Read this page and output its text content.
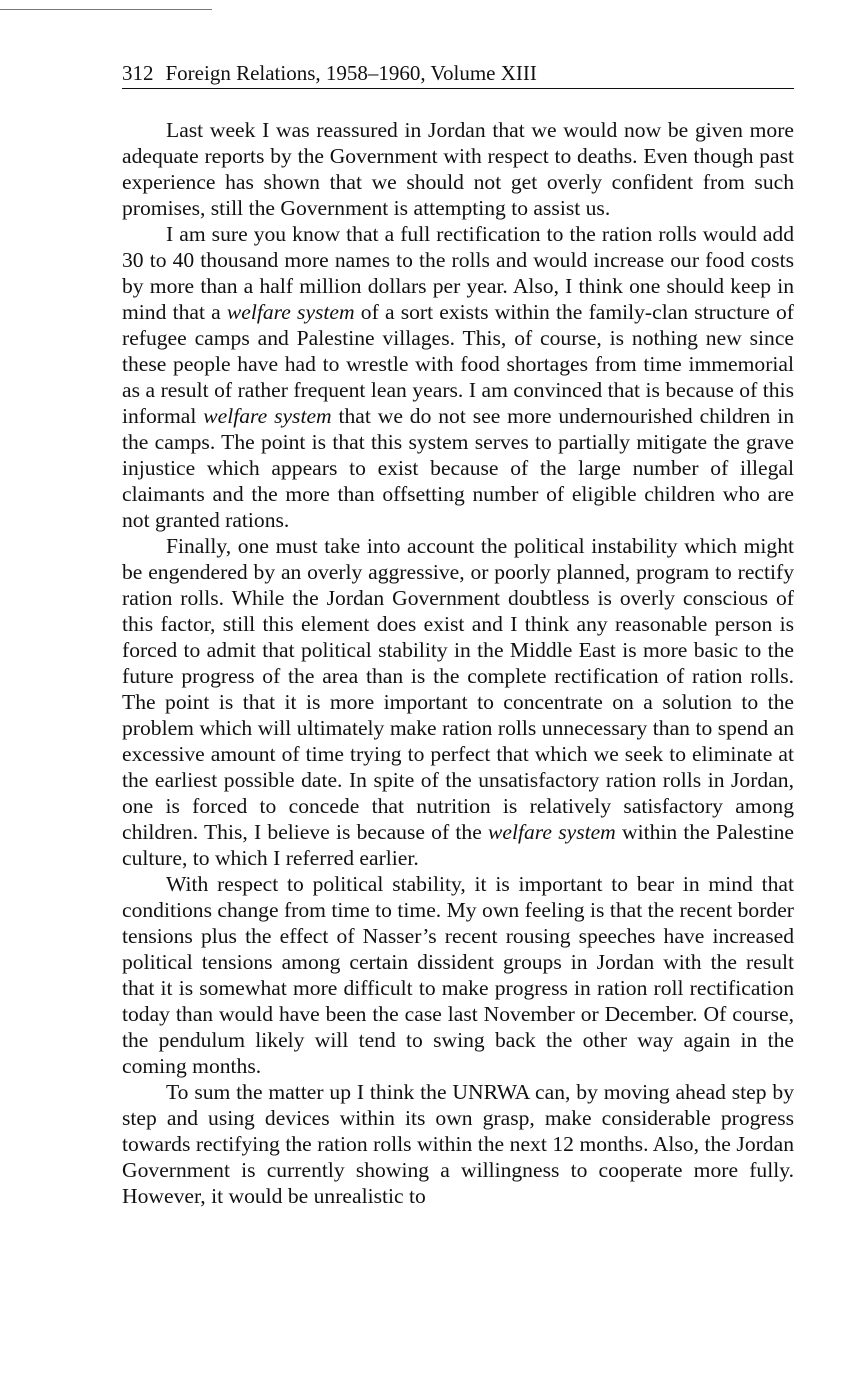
312 Foreign Relations, 1958–1960, Volume XIII

Last week I was reassured in Jordan that we would now be given more adequate reports by the Government with respect to deaths. Even though past experience has shown that we should not get overly confident from such promises, still the Government is attempting to assist us.

I am sure you know that a full rectification to the ration rolls would add 30 to 40 thousand more names to the rolls and would increase our food costs by more than a half million dollars per year. Also, I think one should keep in mind that a welfare system of a sort exists within the family-clan structure of refugee camps and Palestine villages. This, of course, is nothing new since these people have had to wrestle with food shortages from time immemorial as a result of rather frequent lean years. I am convinced that is because of this informal welfare system that we do not see more undernourished children in the camps. The point is that this system serves to partially mitigate the grave injustice which appears to exist because of the large number of illegal claimants and the more than offsetting number of eligible children who are not granted rations.

Finally, one must take into account the political instability which might be engendered by an overly aggressive, or poorly planned, program to rectify ration rolls. While the Jordan Government doubtless is overly conscious of this factor, still this element does exist and I think any reasonable person is forced to admit that political stability in the Middle East is more basic to the future progress of the area than is the complete rectification of ration rolls. The point is that it is more important to concentrate on a solution to the problem which will ultimately make ration rolls unnecessary than to spend an excessive amount of time trying to perfect that which we seek to eliminate at the earliest possible date. In spite of the unsatisfactory ration rolls in Jordan, one is forced to concede that nutrition is relatively satisfactory among children. This, I believe is because of the welfare system within the Palestine culture, to which I referred earlier.

With respect to political stability, it is important to bear in mind that conditions change from time to time. My own feeling is that the recent border tensions plus the effect of Nasser’s recent rousing speeches have increased political tensions among certain dissident groups in Jordan with the result that it is somewhat more difficult to make progress in ration roll rectification today than would have been the case last November or December. Of course, the pendulum likely will tend to swing back the other way again in the coming months.

To sum the matter up I think the UNRWA can, by moving ahead step by step and using devices within its own grasp, make considerable progress towards rectifying the ration rolls within the next 12 months. Also, the Jordan Government is currently showing a willingness to cooperate more fully. However, it would be unrealistic to
